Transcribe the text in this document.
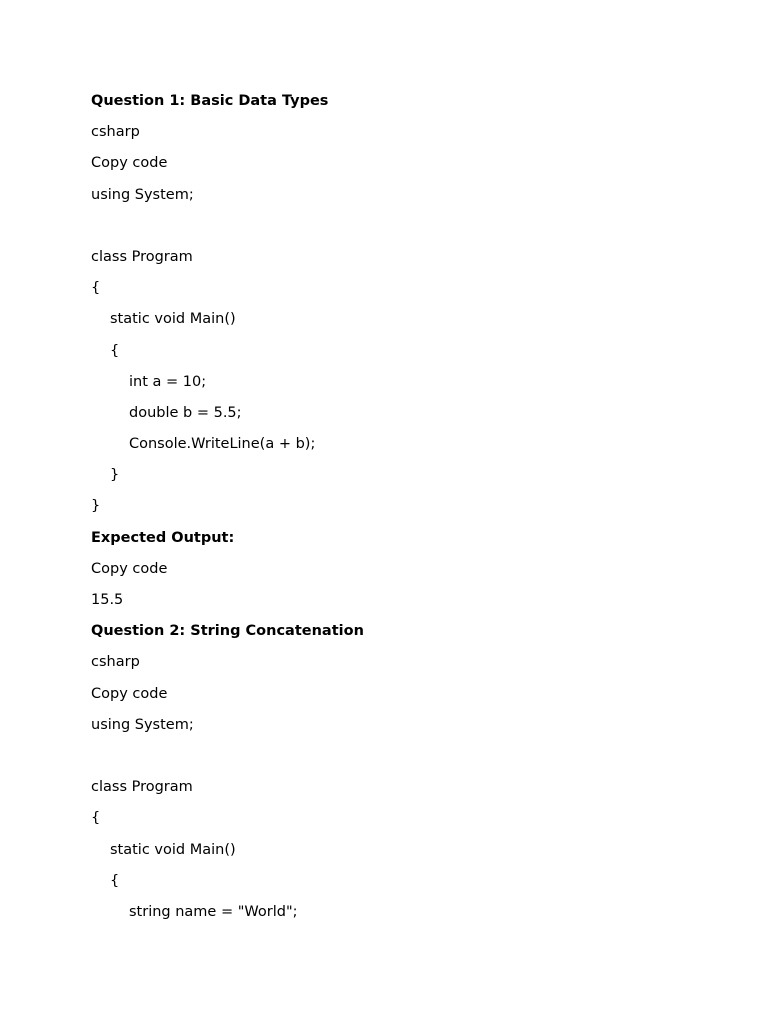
Question 1: Basic Data Types
csharp
Copy code
using System;
class Program
{
static void Main()
{
int a = 10;
double b = 5.5;
Console.WriteLine(a + b);
}
}
Expected Output:
Copy code
15.5
Question 2: String Concatenation
csharp
Copy code
using System;
class Program
{
static void Main()
{
string name = "World";
